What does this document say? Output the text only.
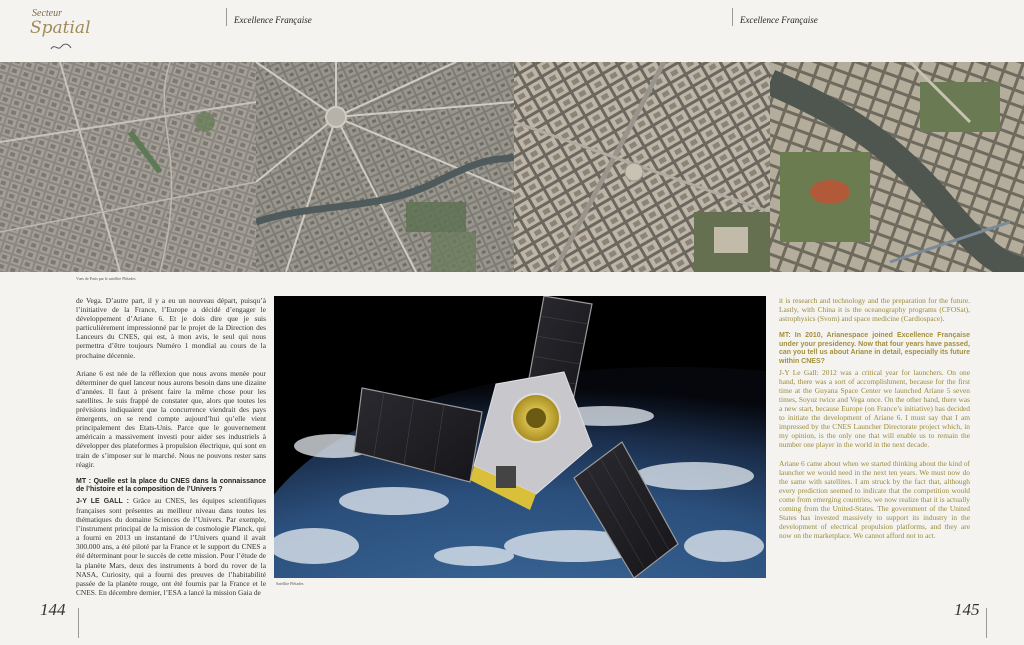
Secteur
Spatial	Excellence Française	Excellence Française
Vues de Paris par le satellite Pléiades

de Vega. D’autre part, il y a eu un nouveau départ, puisqu’à l’initiative de la France, l’Europe a décidé d’engager le développement d’Ariane 6. Et je dois dire que je suis particulièrement impressionné par le projet de la Direction des Lanceurs du CNES, qui est, à mon avis, le seul qui nous permettra d’être toujours Numéro 1 mondial au cours de la prochaine décennie.

Ariane 6 est née de la réflexion que nous avons menée pour déterminer de quel lanceur nous aurons besoin dans une dizaine d’années. Il faut à présent faire la même chose pour les satellites. Je suis frappé de constater que, alors que toutes les prévisions indiquaient que la concurrence viendrait des pays émergents, on se rend compte aujourd’hui qu’elle vient principalement des Etats-Unis. Parce que le gouvernement américain a massivement investi pour aider ses industriels à développer des plateformes à propulsion électrique, qui sont en train de s’imposer sur le marché. Nous ne pouvons rester sans réagir.

MT : Quelle est la place du CNES dans la connaissance de l’histoire et la composition de l’Univers ?
J-Y LE GALL : Grâce au CNES, les équipes scientifiques françaises sont présentes au meilleur niveau dans toutes les thématiques du domaine Sciences de l’Univers. Par exemple, l’instrument principal de la mission de cosmologie Planck, qui a fourni en 2013 un instantané de l’Univers quand il avait 300.000 ans, a été piloté par la France et le support du CNES a été déterminant pour le succès de cette mission. Pour l’étude de la planète Mars, deux des instruments à bord du rover de la NASA, Curiosity, qui a fourni des preuves de l’habitabilité passée de la planète rouge, ont été fournis par la France et le CNES. En décembre dernier, l’ESA a lancé la mission Gaia de
Satellite Pléiades

it is research and technology and the preparation for the future. Lastly, with China it is the oceanography programs (CFOSat), astrophysics (Svom) and space medicine (Cardiospace).

MT: In 2010, Arianespace joined Excellence Française under your presidency. Now that four years have passed, can you tell us about Ariane in detail, especially its future within CNES?

J-Y Le Gall: 2012 was a critical year for launchers. On one hand, there was a sort of accomplishment, because for the first time at the Guyana Space Center we launched Ariane 5 seven times, Soyuz twice and Vega once. On the other hand, there was a new start, because Europe (on France’s initiative) has decided to initiate the development of Ariane 6. I must say that I am impressed by the CNES Launcher Directorate project which, in my opinion, is the only one that will enable us to remain the number one player in the world in the next decade.

Ariane 6 came about when we started thinking about the kind of launcher we would need in the next ten years. We must now do the same with satellites. I am struck by the fact that, although every prediction seemed to indicate that the competition would come from emerging countries, we now realize that it is actually coming from the United-States. The government of the United States has invested massively to support its industry in the development of electrical propulsion platforms, and they are now on the marketplace. We cannot afford not to act.

144	145
